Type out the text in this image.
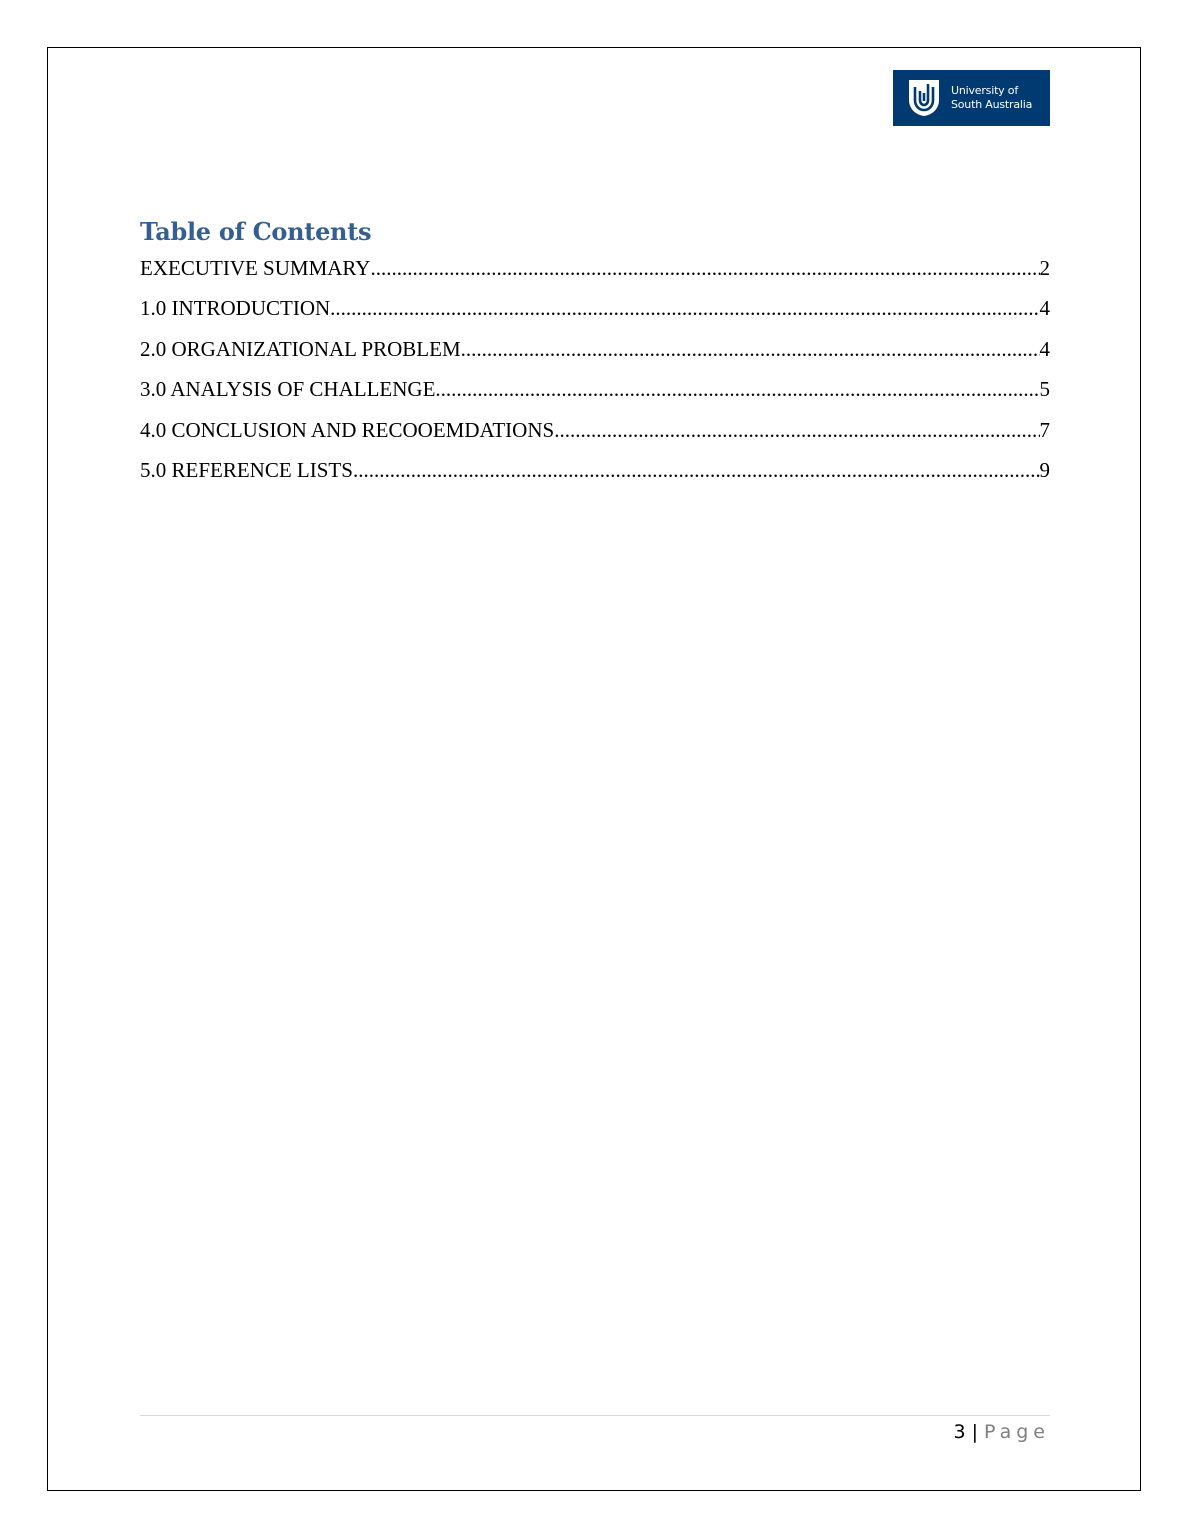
University of
South Australia
Table of Contents
EXECUTIVE SUMMARY .....	2
1.0 INTRODUCTION .....	4
2.0 ORGANIZATIONAL PROBLEM .....	4
3.0 ANALYSIS OF CHALLENGE .....	5
4.0 CONCLUSION AND RECOOEMDATIONS .....	7
5.0 REFERENCE LISTS .....	9
3 | Page
